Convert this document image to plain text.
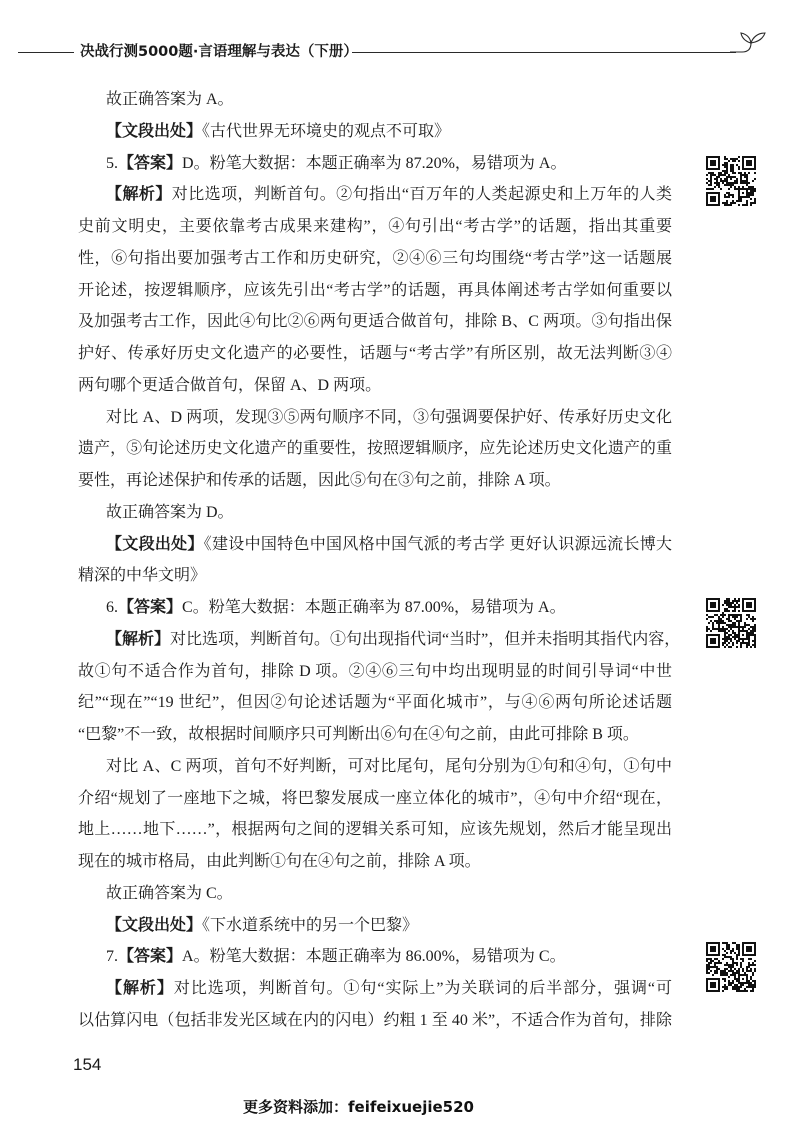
决战行测5000题·言语理解与表达（下册）
故正确答案为 A。
【文段出处】《古代世界无环境史的观点不可取》
5.【答案】D。粉笔大数据：本题正确率为 87.20%，易错项为 A。
【解析】对比选项，判断首句。②句指出“百万年的人类起源史和上万年的人类
史前文明史，主要依靠考古成果来建构”，④句引出“考古学”的话题，指出其重要
性，⑥句指出要加强考古工作和历史研究，②④⑥三句均围绕“考古学”这一话题展
开论述，按逻辑顺序，应该先引出“考古学”的话题，再具体阐述考古学如何重要以
及加强考古工作，因此④句比②⑥两句更适合做首句，排除 B、C 两项。③句指出保
护好、传承好历史文化遗产的必要性，话题与“考古学”有所区别，故无法判断③④
两句哪个更适合做首句，保留 A、D 两项。
对比 A、D 两项，发现③⑤两句顺序不同，③句强调要保护好、传承好历史文化
遗产，⑤句论述历史文化遗产的重要性，按照逻辑顺序，应先论述历史文化遗产的重
要性，再论述保护和传承的话题，因此⑤句在③句之前，排除 A 项。
故正确答案为 D。
【文段出处】《建设中国特色中国风格中国气派的考古学 更好认识源远流长博大
精深的中华文明》
6.【答案】C。粉笔大数据：本题正确率为 87.00%，易错项为 A。
【解析】对比选项，判断首句。①句出现指代词“当时”，但并未指明其指代内容，
故①句不适合作为首句，排除 D 项。②④⑥三句中均出现明显的时间引导词“中世
纪”“现在”“19 世纪”，但因②句论述话题为“平面化城市”，与④⑥两句所论述话题
“巴黎”不一致，故根据时间顺序只可判断出⑥句在④句之前，由此可排除 B 项。
对比 A、C 两项，首句不好判断，可对比尾句，尾句分别为①句和④句，①句中
介绍“规划了一座地下之城，将巴黎发展成一座立体化的城市”，④句中介绍“现在，
地上……地下……”，根据两句之间的逻辑关系可知，应该先规划，然后才能呈现出
现在的城市格局，由此判断①句在④句之前，排除 A 项。
故正确答案为 C。
【文段出处】《下水道系统中的另一个巴黎》
7.【答案】A。粉笔大数据：本题正确率为 86.00%，易错项为 C。
【解析】对比选项，判断首句。①句“实际上”为关联词的后半部分，强调“可
以估算闪电（包括非发光区域在内的闪电）约粗 1 至 40 米”，不适合作为首句，排除
154
更多资料添加：feifeixuejie520
